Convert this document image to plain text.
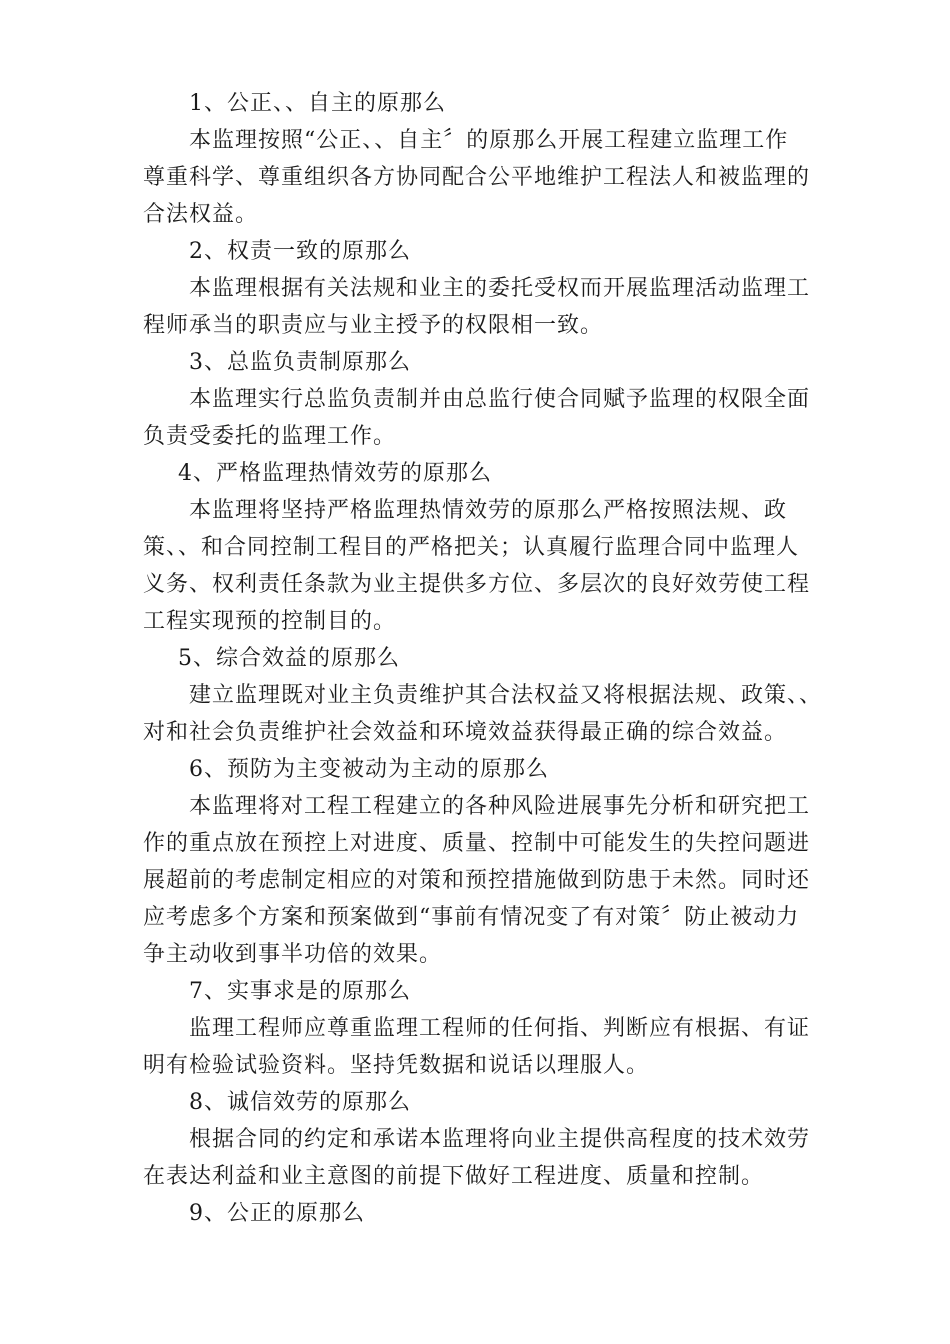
1、公正、、自主的原那么
本监理按照“公正、、自主〞的原那么开展工程建立监理工作
尊重科学、尊重组织各方协同配合公平地维护工程法人和被监理的
合法权益。
2、权责一致的原那么
本监理根据有关法规和业主的委托受权而开展监理活动监理工
程师承当的职责应与业主授予的权限相一致。
3、总监负责制原那么
本监理实行总监负责制并由总监行使合同赋予监理的权限全面
负责受委托的监理工作。
4、严格监理热情效劳的原那么
本监理将坚持严格监理热情效劳的原那么严格按照法规、政
策、、和合同控制工程目的严格把关；认真履行监理合同中监理人
义务、权利责任条款为业主提供多方位、多层次的良好效劳使工程
工程实现预的控制目的。
5、综合效益的原那么
建立监理既对业主负责维护其合法权益又将根据法规、政策、、
对和社会负责维护社会效益和环境效益获得最正确的综合效益。
6、预防为主变被动为主动的原那么
本监理将对工程工程建立的各种风险进展事先分析和研究把工
作的重点放在预控上对进度、质量、控制中可能发生的失控问题进
展超前的考虑制定相应的对策和预控措施做到防患于未然。同时还
应考虑多个方案和预案做到“事前有情况变了有对策〞防止被动力
争主动收到事半功倍的效果。
7、实事求是的原那么
监理工程师应尊重监理工程师的任何指、判断应有根据、有证
明有检验试验资料。坚持凭数据和说话以理服人。
8、诚信效劳的原那么
根据合同的约定和承诺本监理将向业主提供高程度的技术效劳
在表达利益和业主意图的前提下做好工程进度、质量和控制。
9、公正的原那么
